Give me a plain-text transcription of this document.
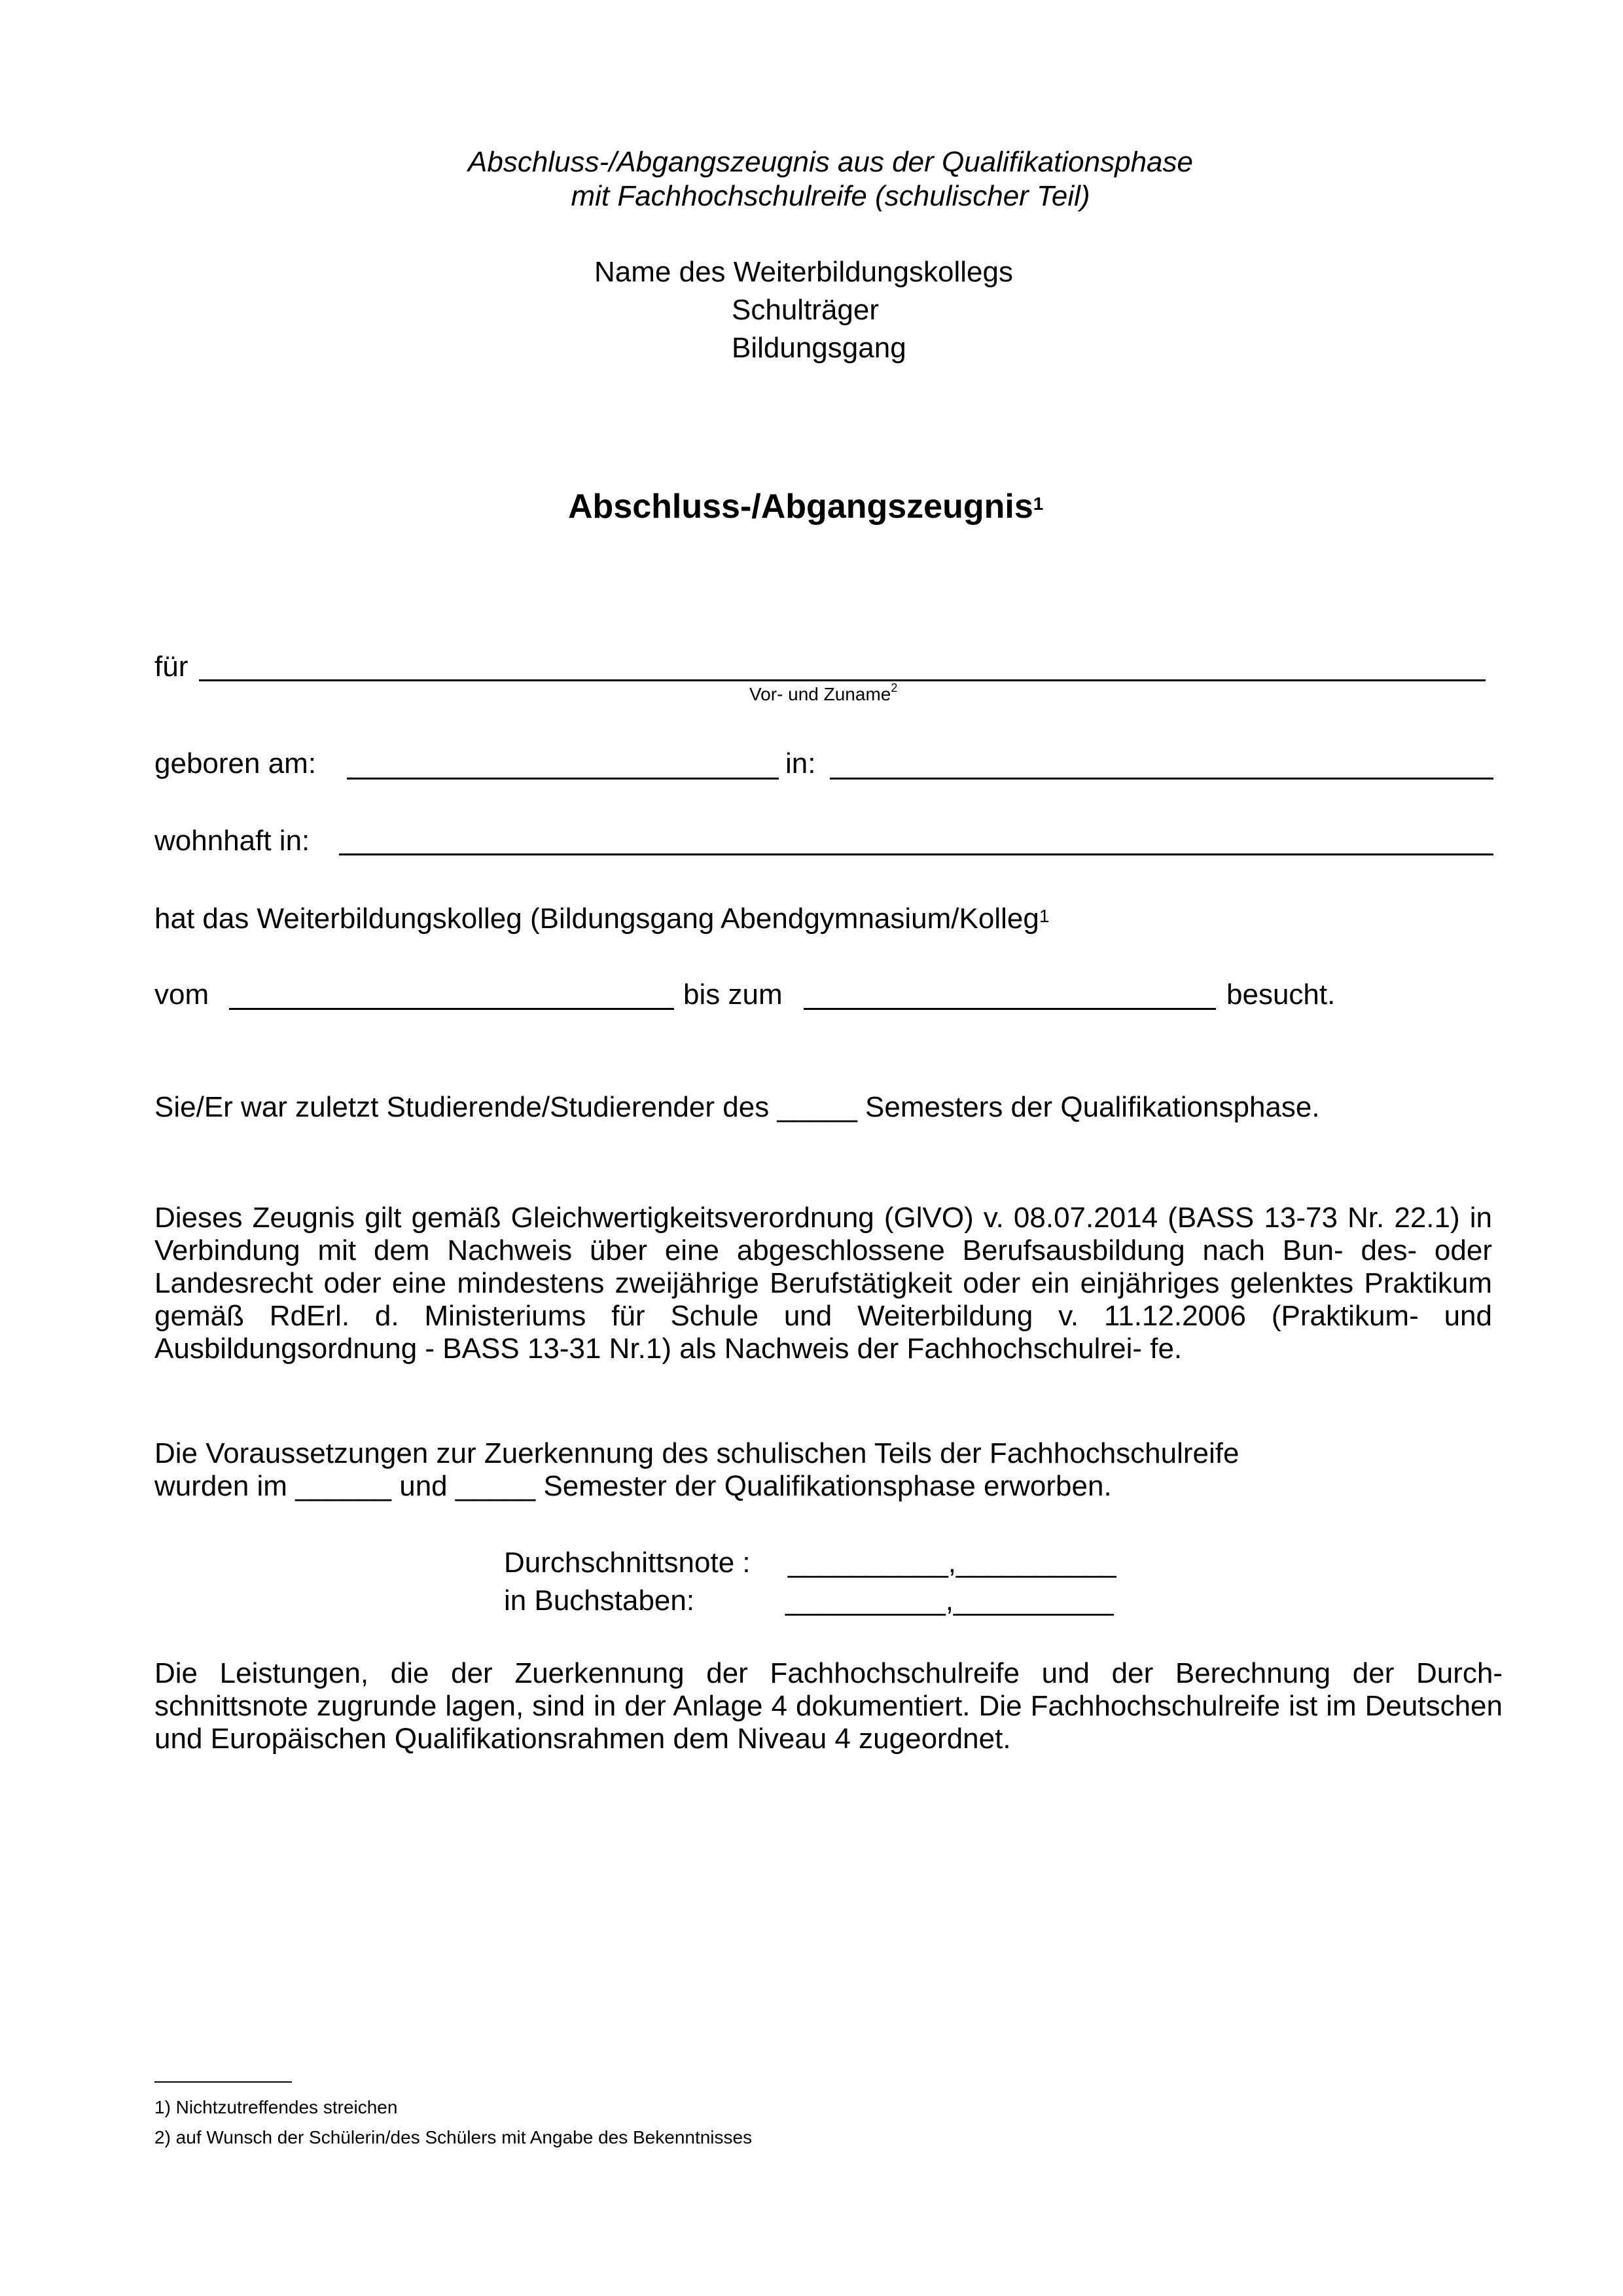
Abschluss-/Abgangszeugnis aus der Qualifikationsphase
mit Fachhochschulreife (schulischer Teil)
Name des Weiterbildungskollegs
Schulträger
Bildungsgang
Abschluss-/Abgangszeugnis$^1$
für
Vor- und Zuname$^2$
geboren am:	in:
wohnhaft in:
hat das Weiterbildungskolleg (Bildungsgang Abendgymnasium/Kolleg$^1$
vom	bis zum	besucht.
Sie/Er war zuletzt Studierende/Studierender des _____ Semesters der Qualifikationsphase.
Dieses Zeugnis gilt gemäß Gleichwertigkeitsverordnung (GlVO) v. 08.07.2014 (BASS 13-73 Nr. 22.1) in Verbindung mit dem Nachweis über eine abgeschlossene Berufsausbildung nach Bun- des- oder Landesrecht oder eine mindestens zweijährige Berufstätigkeit oder ein einjähriges gelenktes Praktikum gemäß RdErl. d. Ministeriums für Schule und Weiterbildung v. 11.12.2006 (Praktikum- und Ausbildungsordnung - BASS 13-31 Nr.1) als Nachweis der Fachhochschulrei- fe.
Die Voraussetzungen zur Zuerkennung des schulischen Teils der Fachhochschulreife
wurden im ______ und _____ Semester der Qualifikationsphase erworben.
Durchschnittsnote : __________,__________
in Buchstaben:	__________,__________
Die Leistungen, die der Zuerkennung der Fachhochschulreife und der Berechnung der Durch- schnittsnote zugrunde lagen, sind in der Anlage 4 dokumentiert. Die Fachhochschulreife ist im Deutschen und Europäischen Qualifikationsrahmen dem Niveau 4 zugeordnet.
1) Nichtzutreffendes streichen
2) auf Wunsch der Schülerin/des Schülers mit Angabe des Bekenntnisses
